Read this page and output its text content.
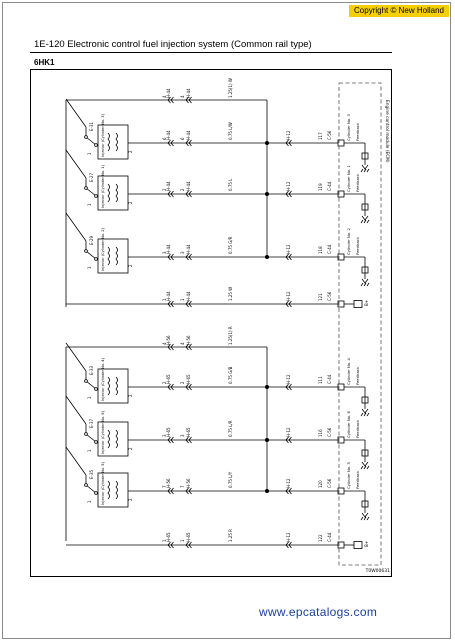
Copyright © New Holland
1E-120 Electronic control fuel injection system (Common rail type)
6HK1
www.epcatalogs.com
4 H-44 4 H-44	1.25(1) W
E-31
1	Injector (Cylinder No. 3)	2
6 H-44 6 H-44	0.75 L/W	H-12	117 C-56	Cylinder No. 3 Feedback
E-27
1	Injector (Cylinder No. 1)	2
2 H-44 2 H-44	0.75 L	H-12	119 C-44	Cylinder No. 1 Feedback
E-29
1	Injector (Cylinder No. 2)	2
3 H-44 3 H-44	0.75 G/R	H-12	118 C-44	Cylinder No. 2 Feedback
1 H-44 1 H-44	1.25 W	H-12	121 C-56
B+
4 H-56 4 H-56	1.25(1) R
E-33
1	Injector (Cylinder No. 4)	2
2 H-65 2 H-65	0.75 G/B	H-12	111 C-44	Cylinder No. 4 Feedback
E-37
1	Injector (Cylinder No. 6)	2
3 H-65 3 H-65	0.75 L/R	H-12	116 C-56	Cylinder No. 6 Feedback
E-35
1	Injector (Cylinder No. 5)	2
7 H-56 7 H-56	0.75 L/Y	H-12	120 C-56	Cylinder No. 5 Feedback
1 H-65 1 H-65	1.25 R	H-12	122 C-44
B+
Engine control module (ECM)
T0W00631
